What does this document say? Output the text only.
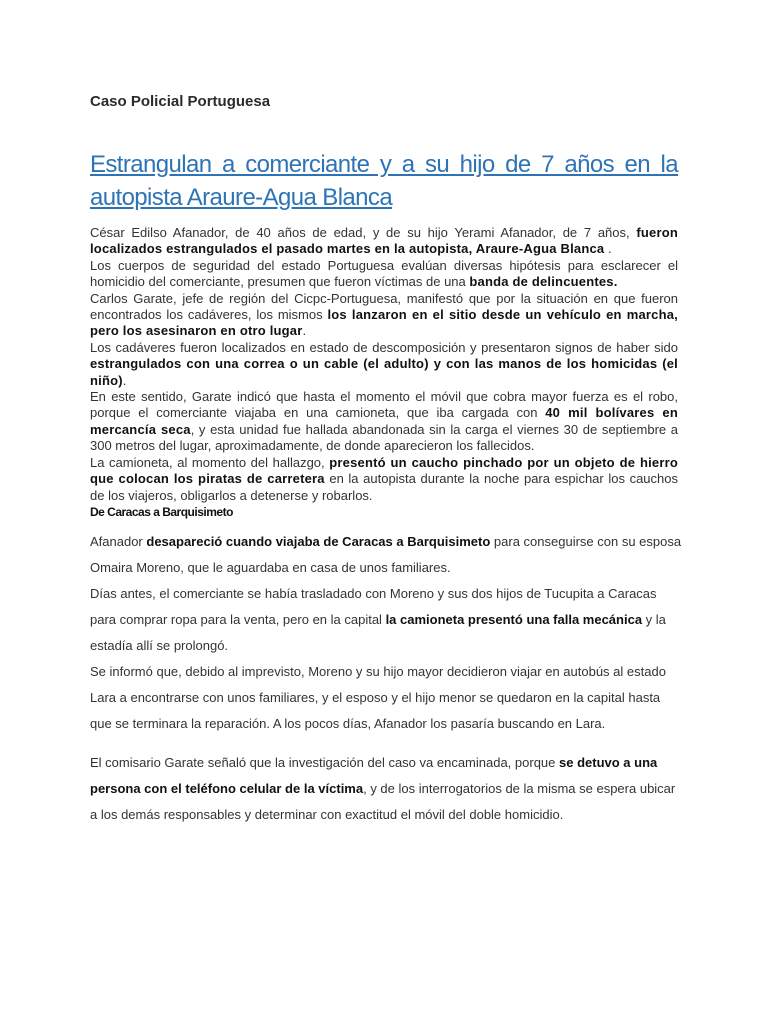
Caso Policial Portuguesa
Estrangulan a comerciante y a su hijo de 7 años en la autopista Araure-Agua Blanca

César Edilso Afanador, de 40 años de edad, y de su hijo Yerami Afanador, de 7 años, fueron localizados estrangulados el pasado martes en la autopista, Araure-Agua Blanca .

Los cuerpos de seguridad del estado Portuguesa evalúan diversas hipótesis para esclarecer el homicidio del comerciante, presumen que fueron víctimas de una banda de delincuentes.

Carlos Garate, jefe de región del Cicpc-Portuguesa, manifestó que por la situación en que fueron encontrados los cadáveres, los mismos los lanzaron en el sitio desde un vehículo en marcha, pero los asesinaron en otro lugar.

Los cadáveres fueron localizados en estado de descomposición y presentaron signos de haber sido estrangulados con una correa o un cable (el adulto) y con las manos de los homicidas (el niño).

En este sentido, Garate indicó que hasta el momento el móvil que cobra mayor fuerza es el robo, porque el comerciante viajaba en una camioneta, que iba cargada con 40 mil bolívares en mercancía seca, y esta unidad fue hallada abandonada sin la carga el viernes 30 de septiembre a 300 metros del lugar, aproximadamente, de donde aparecieron los fallecidos.

La camioneta, al momento del hallazgo, presentó un caucho pinchado por un objeto de hierro que colocan los piratas de carretera en la autopista durante la noche para espichar los cauchos de los viajeros, obligarlos a detenerse y robarlos.

De Caracas a Barquisimeto

Afanador desapareció cuando viajaba de Caracas a Barquisimeto para conseguirse con su esposa Omaira Moreno, que le aguardaba en casa de unos familiares.

Días antes, el comerciante se había trasladado con Moreno y sus dos hijos de Tucupita a Caracas para comprar ropa para la venta, pero en la capital la camioneta presentó una falla mecánica y la estadía allí se prolongó.

Se informó que, debido al imprevisto, Moreno y su hijo mayor decidieron viajar en autobús al estado Lara a encontrarse con unos familiares, y el esposo y el hijo menor se quedaron en la capital hasta que se terminara la reparación. A los pocos días, Afanador los pasaría buscando en Lara.

El comisario Garate señaló que la investigación del caso va encaminada, porque se detuvo a una persona con el teléfono celular de la víctima, y de los interrogatorios de la misma se espera ubicar a los demás responsables y determinar con exactitud el móvil del doble homicidio.
